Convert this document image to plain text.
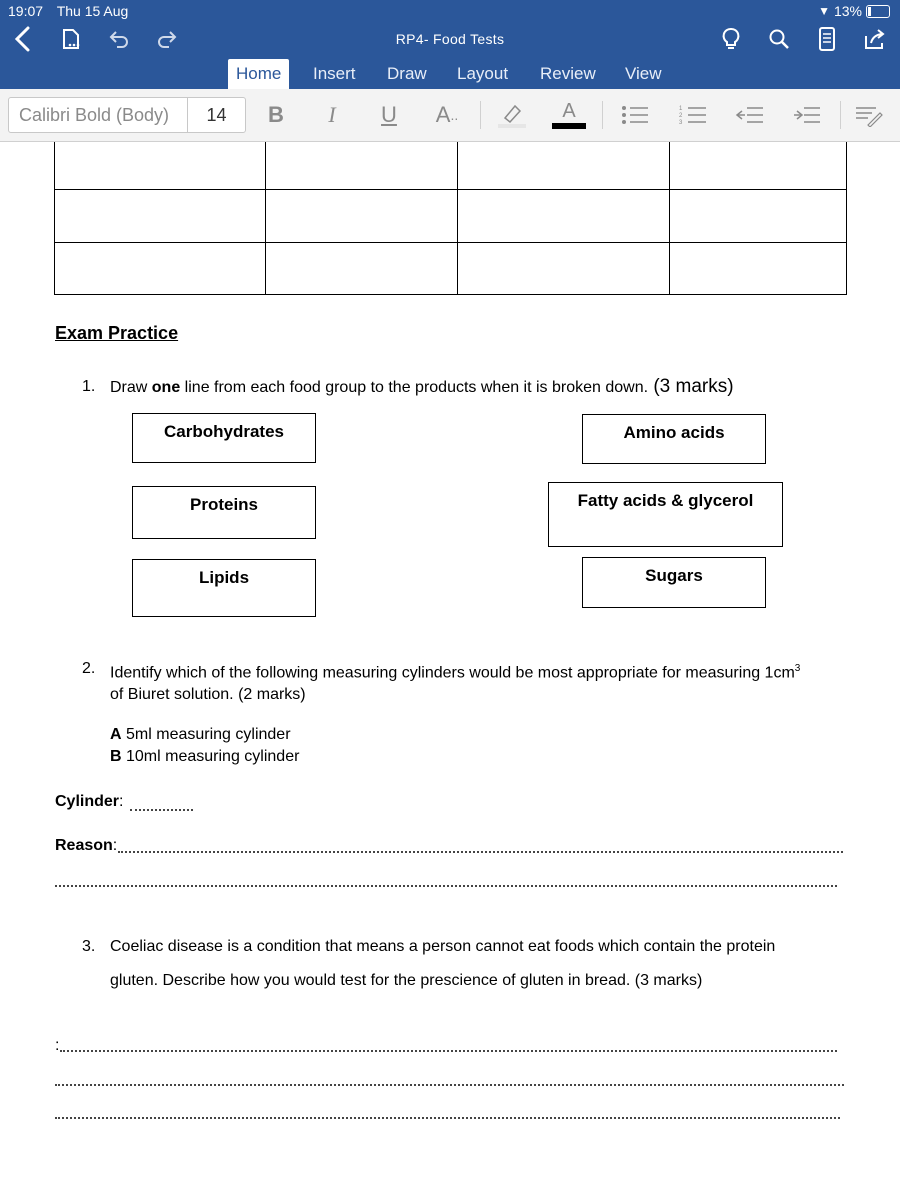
19:07 Thu 15 Aug	▼ 13%
RP4- Food Tests
Home	Insert Draw Layout Review View
Calibri Bold (Body)	14	B	I	U A ..	A	1
2
3
Exam Practice
1. Draw one line from each food group to the products when it is broken down. (3 marks)
Carbohydrates
Proteins
Lipids
Amino acids
Fatty acids & glycerol
Sugars
2. Identify which of the following measuring cylinders would be most appropriate for measuring $1cm^3$
of Biuret solution. (2 marks)
A 5ml measuring cylinder
B 10ml measuring cylinder
Cylinder:
Reason:
3. Coeliac disease is a condition that means a person cannot eat foods which contain the protein
gluten. Describe how you would test for the prescience of gluten in bread. (3 marks)
:
